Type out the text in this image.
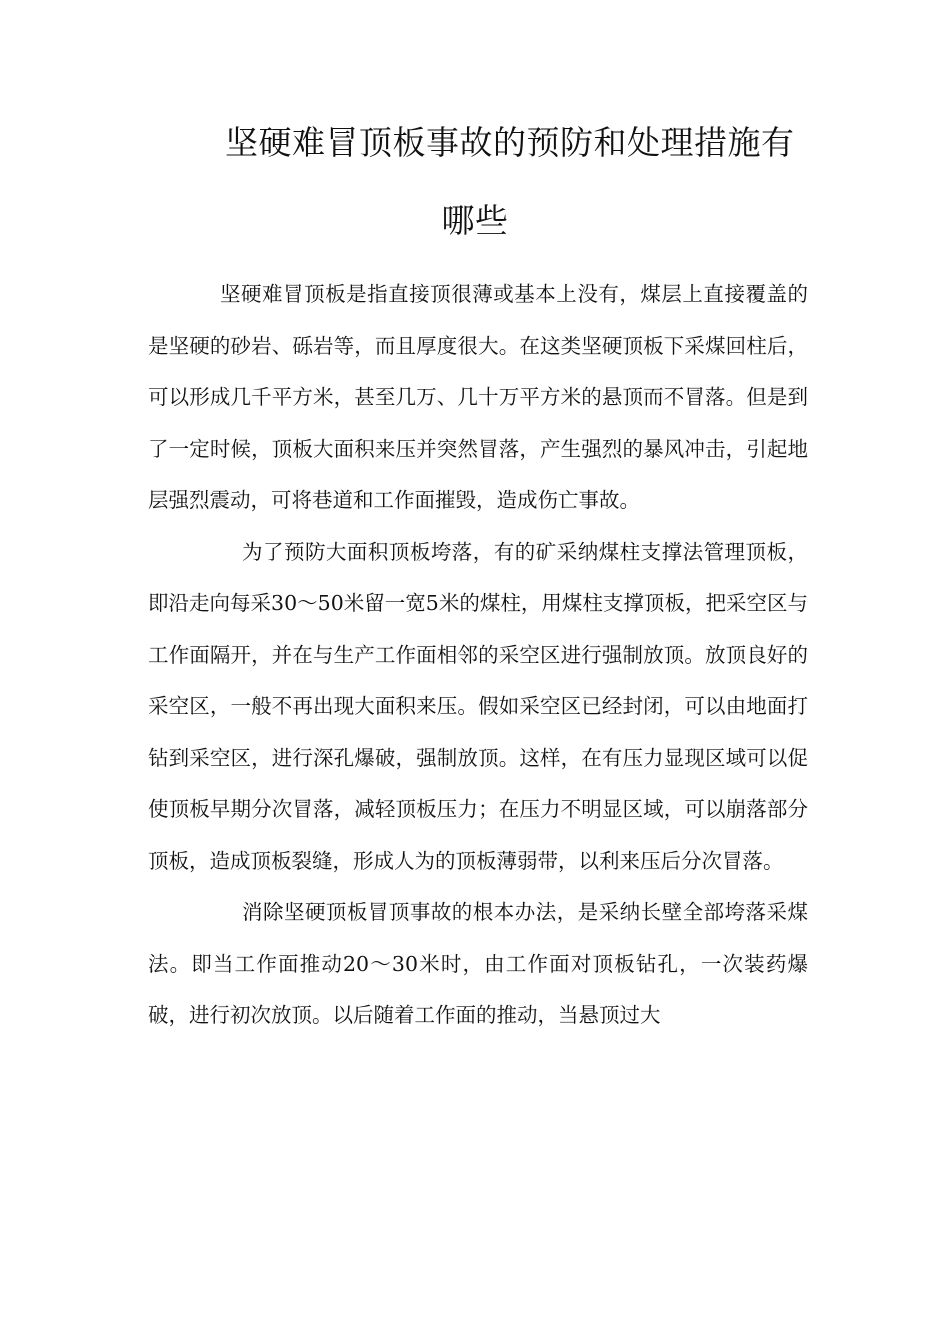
坚硬难冒顶板事故的预防和处理措施有
哪些

坚硬难冒顶板是指直接顶很薄或基本上没有，煤层上直接覆盖的是坚硬的砂岩、砾岩等，而且厚度很大。在这类坚硬顶板下采煤回柱后，可以形成几千平方米，甚至几万、几十万平方米的悬顶而不冒落。但是到了一定时候，顶板大面积来压并突然冒落，产生强烈的暴风冲击，引起地层强烈震动，可将巷道和工作面摧毁，造成伤亡事故。

为了预防大面积顶板垮落，有的矿采纳煤柱支撑法管理顶板，即沿走向每采30～50米留一宽5米的煤柱，用煤柱支撑顶板，把采空区与工作面隔开，并在与生产工作面相邻的采空区进行强制放顶。放顶良好的采空区，一般不再出现大面积来压。假如采空区已经封闭，可以由地面打钻到采空区，进行深孔爆破，强制放顶。这样，在有压力显现区域可以促使顶板早期分次冒落，减轻顶板压力；在压力不明显区域，可以崩落部分顶板，造成顶板裂缝，形成人为的顶板薄弱带，以利来压后分次冒落。

消除坚硬顶板冒顶事故的根本办法，是采纳长壁全部垮落采煤法。即当工作面推动20～30米时，由工作面对顶板钻孔，一次装药爆破，进行初次放顶。以后随着工作面的推动，当悬顶过大
